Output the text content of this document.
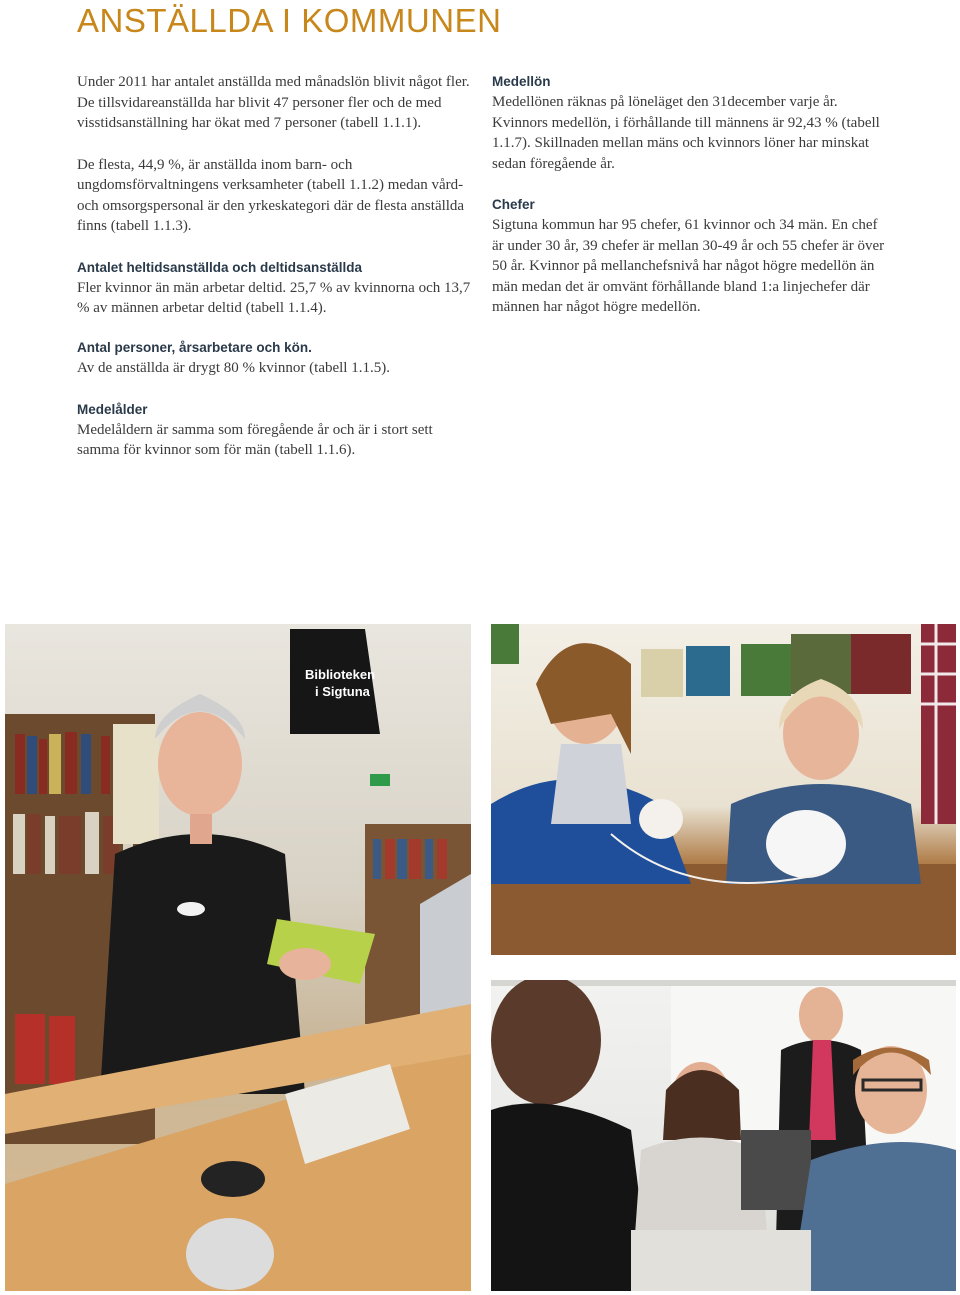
ANSTÄLLDA I KOMMUNEN

Under 2011 har antalet anställda med månadslön blivit något fler. De tillsvidareanställda har blivit 47 personer fler och de med visstidsanställning har ökat med 7 personer (tabell 1.1.1).

De flesta, 44,9 %, är anställda inom barn- och ungdomsförvaltningens verksamheter (tabell 1.1.2) medan vård- och omsorgspersonal är den yrkeskategori där de flesta anställda finns (tabell 1.1.3).

Antalet heltidsanställda och deltidsanställda

Fler kvinnor än män arbetar deltid. 25,7 % av kvinnorna och 13,7 % av männen arbetar deltid (tabell 1.1.4).

Antal personer, årsarbetare och kön.

Av de anställda är drygt 80 % kvinnor (tabell 1.1.5).

Medelålder

Medelåldern är samma som föregående år och är i stort sett samma för kvinnor som för män (tabell 1.1.6).

Medellön

Medellönen räknas på löneläget den 31december varje år. Kvinnors medellön, i förhållande till männens är 92,43 % (tabell 1.1.7). Skillnaden mellan mäns och kvinnors löner har minskat sedan föregående år.

Chefer

Sigtuna kommun har 95 chefer, 61 kvinnor och 34 män. En chef är under 30 år, 39 chefer är mellan 30-49 år och 55 chefer är över 50 år. Kvinnor på mellanchefsnivå har något högre medellön än män medan det är omvänt förhållande bland 1:a linjechefer där männen har något högre medellön.

Biblioteken
i Sigtuna
